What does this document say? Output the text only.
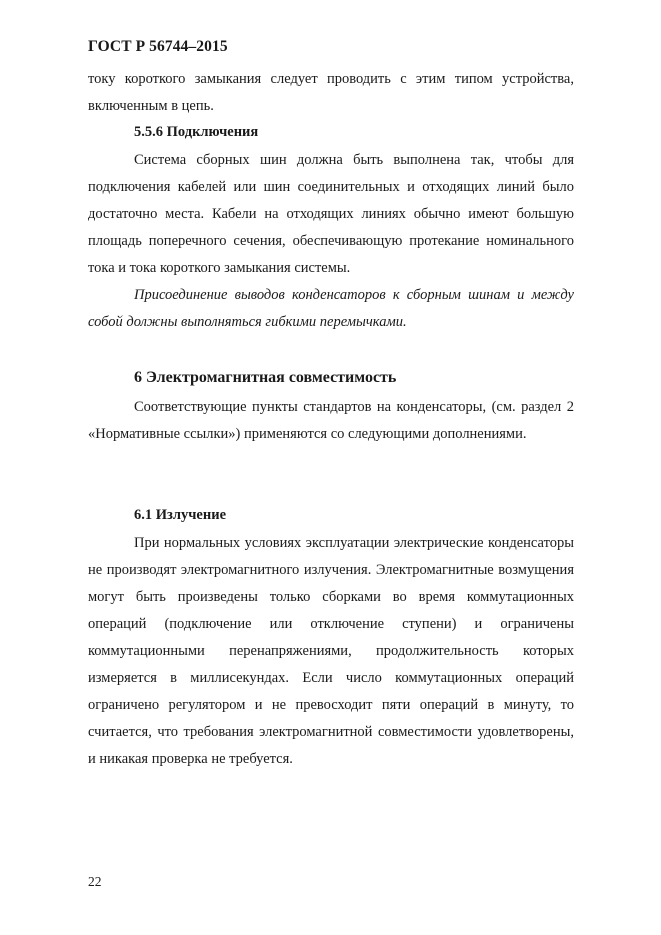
ГОСТ Р 56744–2015

току короткого замыкания следует проводить с этим типом устройства, включенным в цепь.

5.5.6 Подключения

Система сборных шин должна быть выполнена так, чтобы для подключения кабелей или шин соединительных и отходящих линий было достаточно места. Кабели на отходящих линиях обычно имеют большую площадь поперечного сечения, обеспечивающую протекание номинального тока и тока короткого замыкания системы.

Присоединение выводов конденсаторов к сборным шинам и между собой должны выполняться гибкими перемычками.

6 Электромагнитная совместимость

Соответствующие пункты стандартов на конденсаторы, (см. раздел 2 «Нормативные ссылки») применяются со следующими дополнениями.

6.1 Излучение

При нормальных условиях эксплуатации электрические конденсаторы не производят электромагнитного излучения. Электромагнитные возмущения могут быть произведены только сборками во время коммутационных операций (подключение или отключение ступени) и ограничены коммутационными перенапряжениями, продолжительность которых измеряется в миллисекундах. Если число коммутационных операций ограничено регулятором и не превосходит пяти операций в минуту, то считается, что требования электромагнитной совместимости удовлетворены, и никакая проверка не требуется.

22
